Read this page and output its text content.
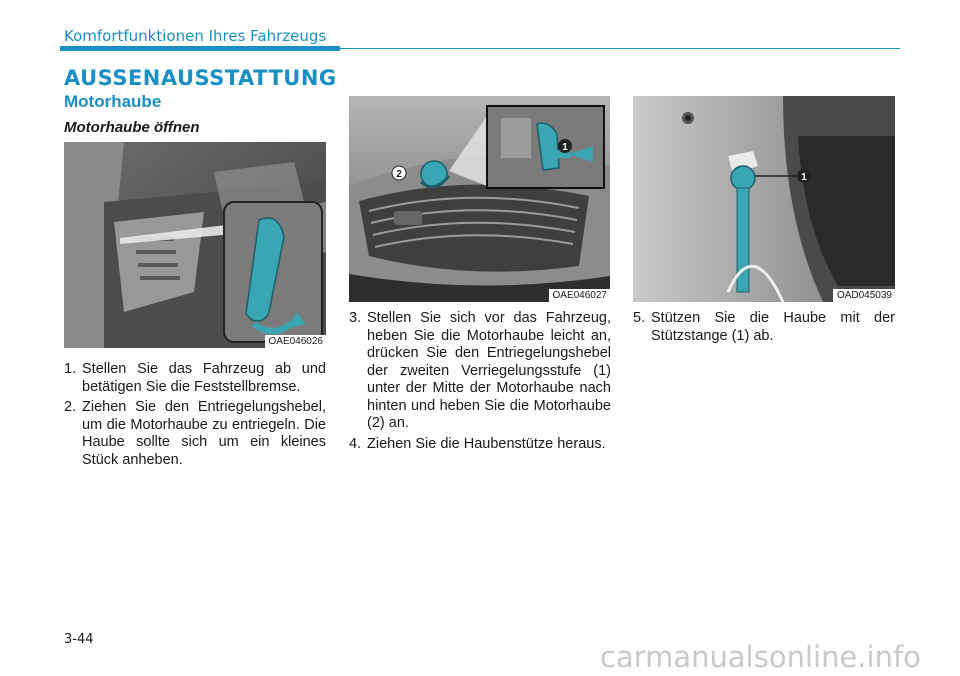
Komfortfunktionen Ihres Fahrzeugs
AUSSENAUSSTATTUNG
Motorhaube
Motorhaube öffnen
OAE046026
1
2
OAE046027
1
OAD045039
1. Stellen Sie das Fahrzeug ab und betätigen Sie die Feststellbremse.
2. Ziehen Sie den Entriegelungshebel, um die Motorhaube zu entriegeln. Die Haube sollte sich um ein kleines Stück anheben.
3. Stellen Sie sich vor das Fahrzeug, heben Sie die Motorhaube leicht an, drücken Sie den Entriegelungshebel der zweiten Verriegelungsstufe (1) unter der Mitte der Motorhaube nach hinten und heben Sie die Motorhaube (2) an.
4. Ziehen Sie die Haubenstütze heraus.
5. Stützen Sie die Haube mit der Stützstange (1) ab.
3-44
carmanualsonline.info
